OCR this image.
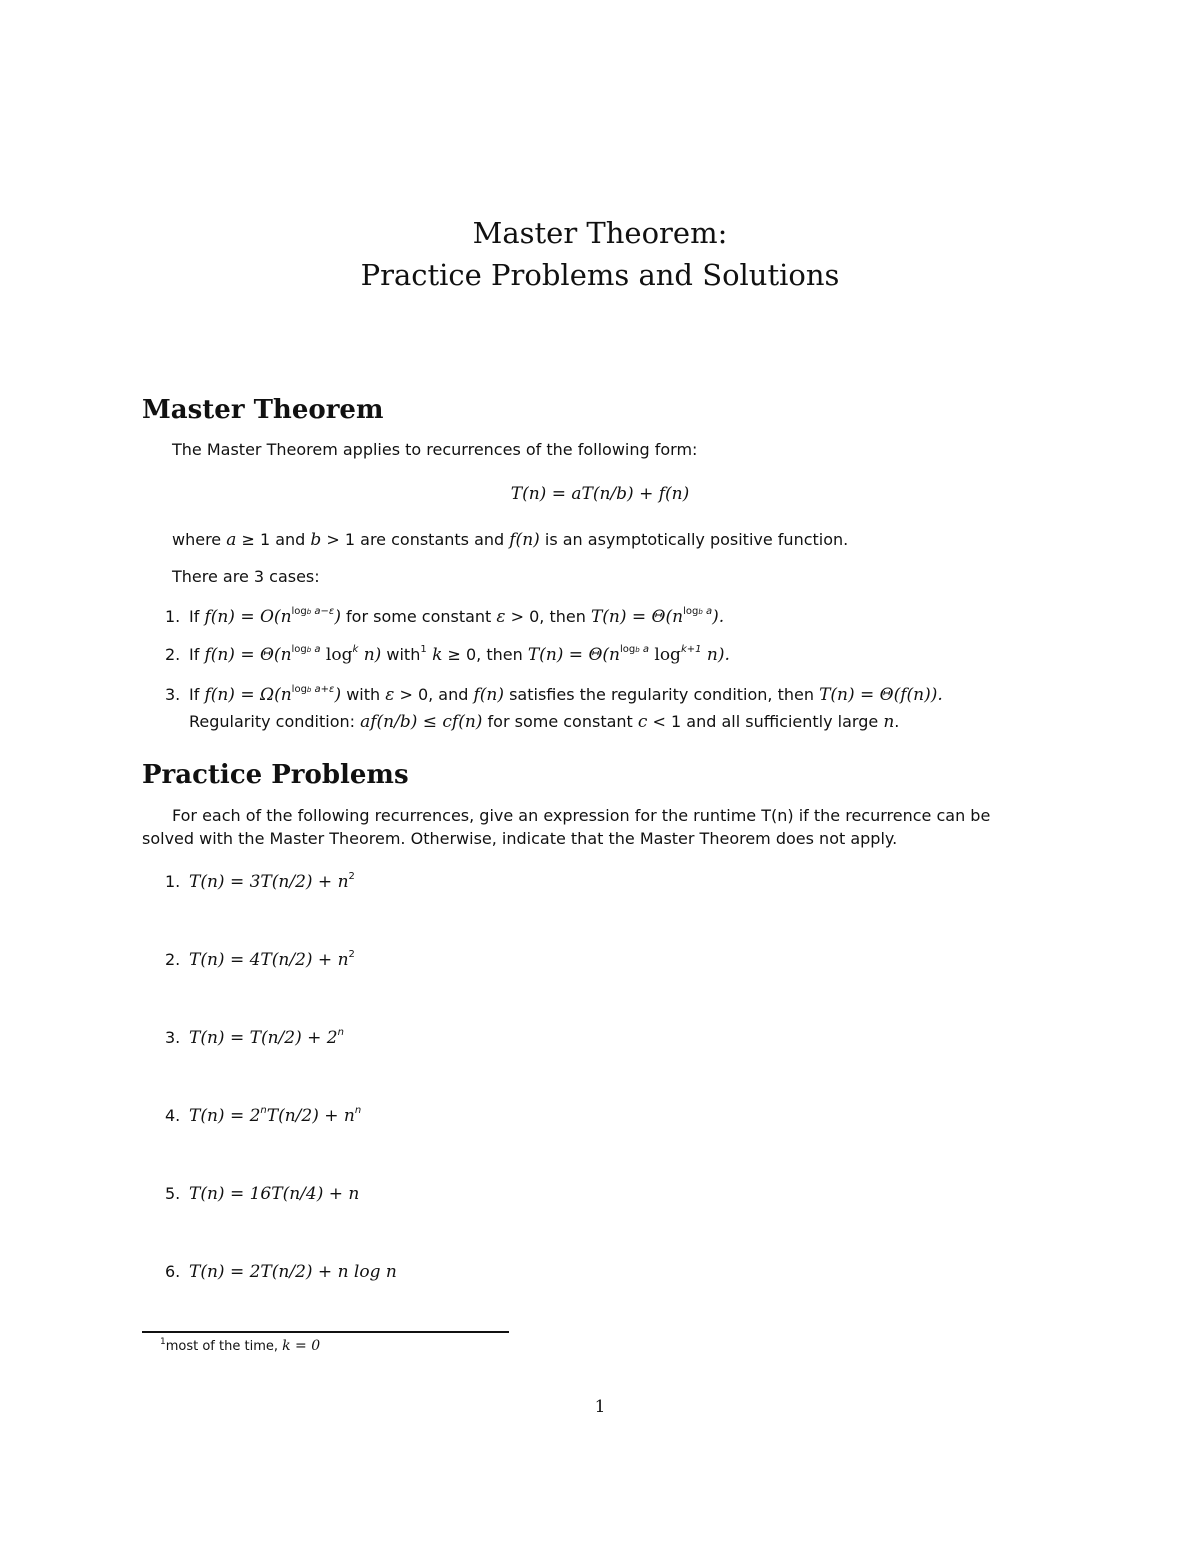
Master Theorem:
Practice Problems and Solutions
Master Theorem
The Master Theorem applies to recurrences of the following form:
T(n) = aT(n/b) + f(n)
where a ≥ 1 and b > 1 are constants and f(n) is an asymptotically positive function.
There are 3 cases:
1. If $f(n) = O(n^{logb a-\varepsilon})$ for some constant ε > 0, then $T(n) = \Theta(n^{logb a})$.
2. If $f(n) = \Theta(n^{logb a}$ $\log^k n$) with$^1$ k ≥ 0, then $T(n) = \Theta(n^{logb a}$ $\log^{k+1} n$).
3. If $f(n) = \Omega(n^{logb a+\varepsilon})$ with ε > 0, and f(n) satisfies the regularity condition, then T(n) = Θ(f(n)).
Regularity condition: af(n/b) ≤ cf(n) for some constant c < 1 and all sufficiently large n.
Practice Problems
For each of the following recurrences, give an expression for the runtime T(n) if the recurrence can be
solved with the Master Theorem. Otherwise, indicate that the Master Theorem does not apply.
1. $T(n) = 3T(n/2) + n^2$
2. $T(n) = 4T(n/2) + n^2$
3. $T(n) = T(n/2) + 2^n$
4. $T(n) = 2^nT(n/2) + n^n$
5. T(n) = 16T(n/4) + n
6. T(n) = 2T(n/2) + n log n
$^1$most of the time, k = 0
1
